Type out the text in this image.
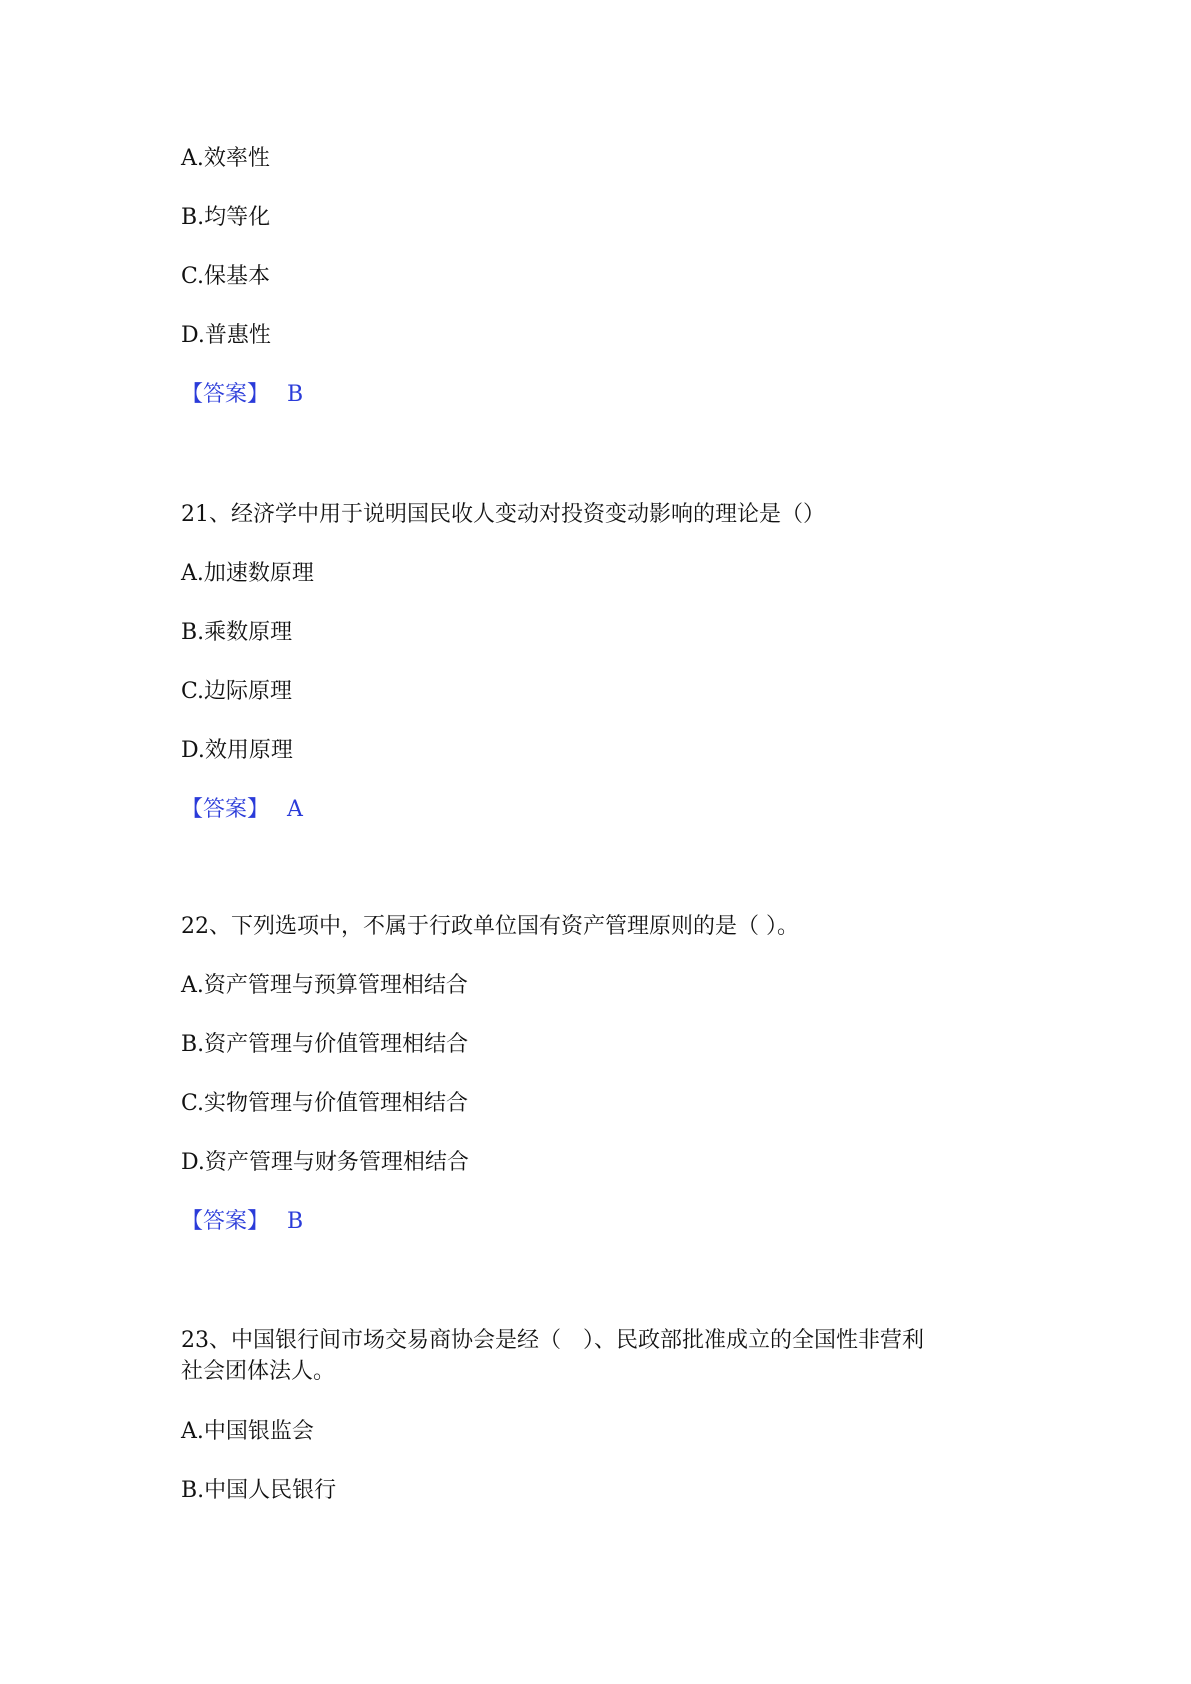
A.效率性
B.均等化
C.保基本
D.普惠性
【答案】 B
21、经济学中用于说明国民收人变动对投资变动影响的理论是（）
A.加速数原理
B.乘数原理
C.边际原理
D.效用原理
【答案】 A
22、下列选项中，不属于行政单位国有资产管理原则的是（ ）。
A.资产管理与预算管理相结合
B.资产管理与价值管理相结合
C.实物管理与价值管理相结合
D.资产管理与财务管理相结合
【答案】 B
23、中国银行间市场交易商协会是经（　）、民政部批准成立的全国性非营利
社会团体法人。
A.中国银监会
B.中国人民银行
